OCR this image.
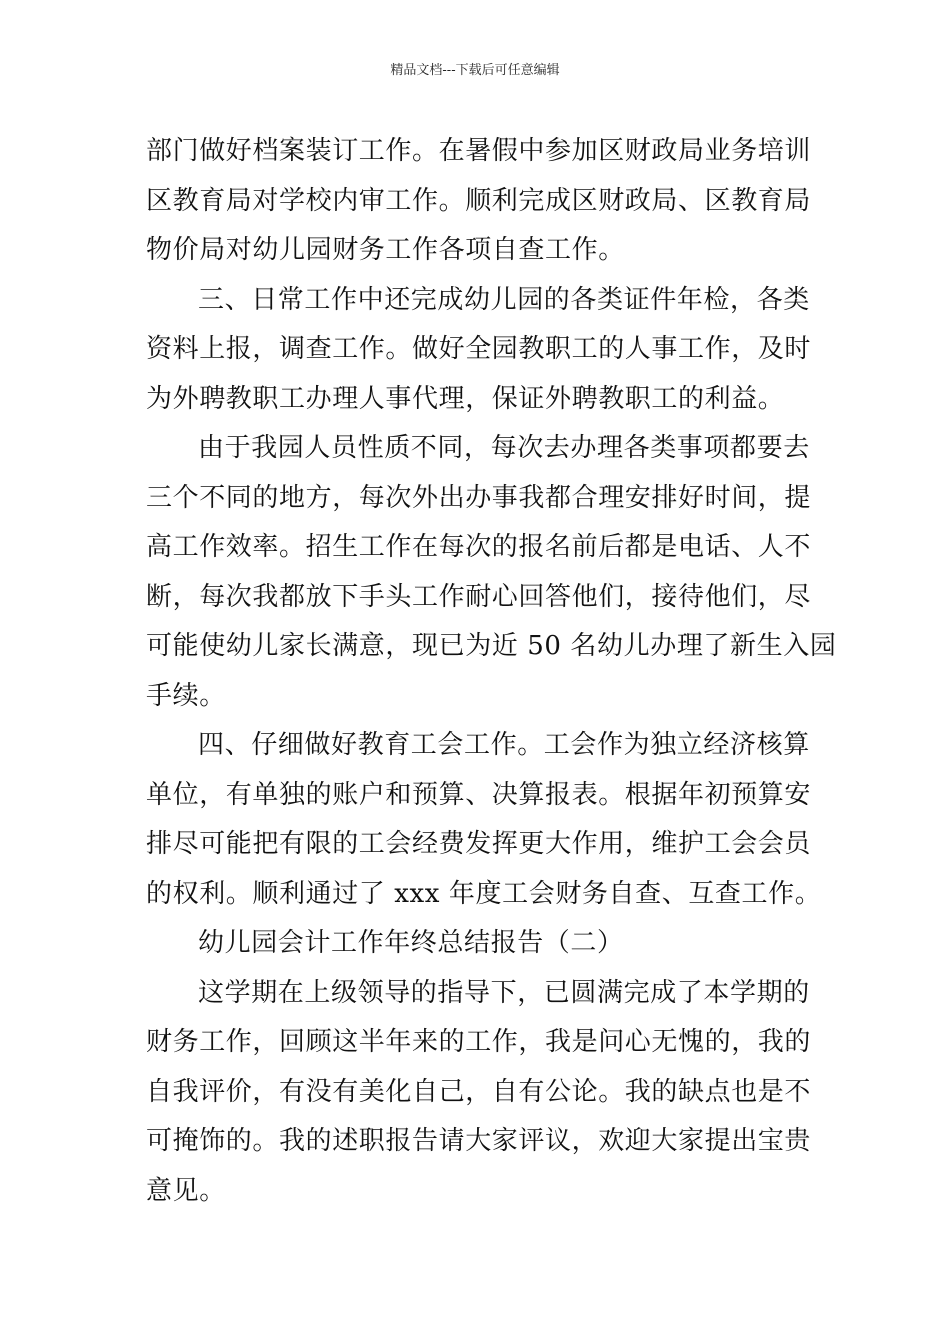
精品文档---下载后可任意编辑
部门做好档案装订工作。在暑假中参加区财政局业务培训
区教育局对学校内审工作。顺利完成区财政局、区教育局
物价局对幼儿园财务工作各项自查工作。
三、日常工作中还完成幼儿园的各类证件年检，各类
资料上报，调查工作。做好全园教职工的人事工作，及时
为外聘教职工办理人事代理，保证外聘教职工的利益。
由于我园人员性质不同，每次去办理各类事项都要去
三个不同的地方，每次外出办事我都合理安排好时间，提
高工作效率。招生工作在每次的报名前后都是电话、人不
断，每次我都放下手头工作耐心回答他们，接待他们，尽
可能使幼儿家长满意，现已为近 50 名幼儿办理了新生入园
手续。
四、仔细做好教育工会工作。工会作为独立经济核算
单位，有单独的账户和预算、决算报表。根据年初预算安
排尽可能把有限的工会经费发挥更大作用，维护工会会员
的权利。顺利通过了 xxx 年度工会财务自查、互查工作。
幼儿园会计工作年终总结报告（二）
这学期在上级领导的指导下，已圆满完成了本学期的
财务工作，回顾这半年来的工作，我是问心无愧的，我的
自我评价，有没有美化自己，自有公论。我的缺点也是不
可掩饰的。我的述职报告请大家评议，欢迎大家提出宝贵
意见。
